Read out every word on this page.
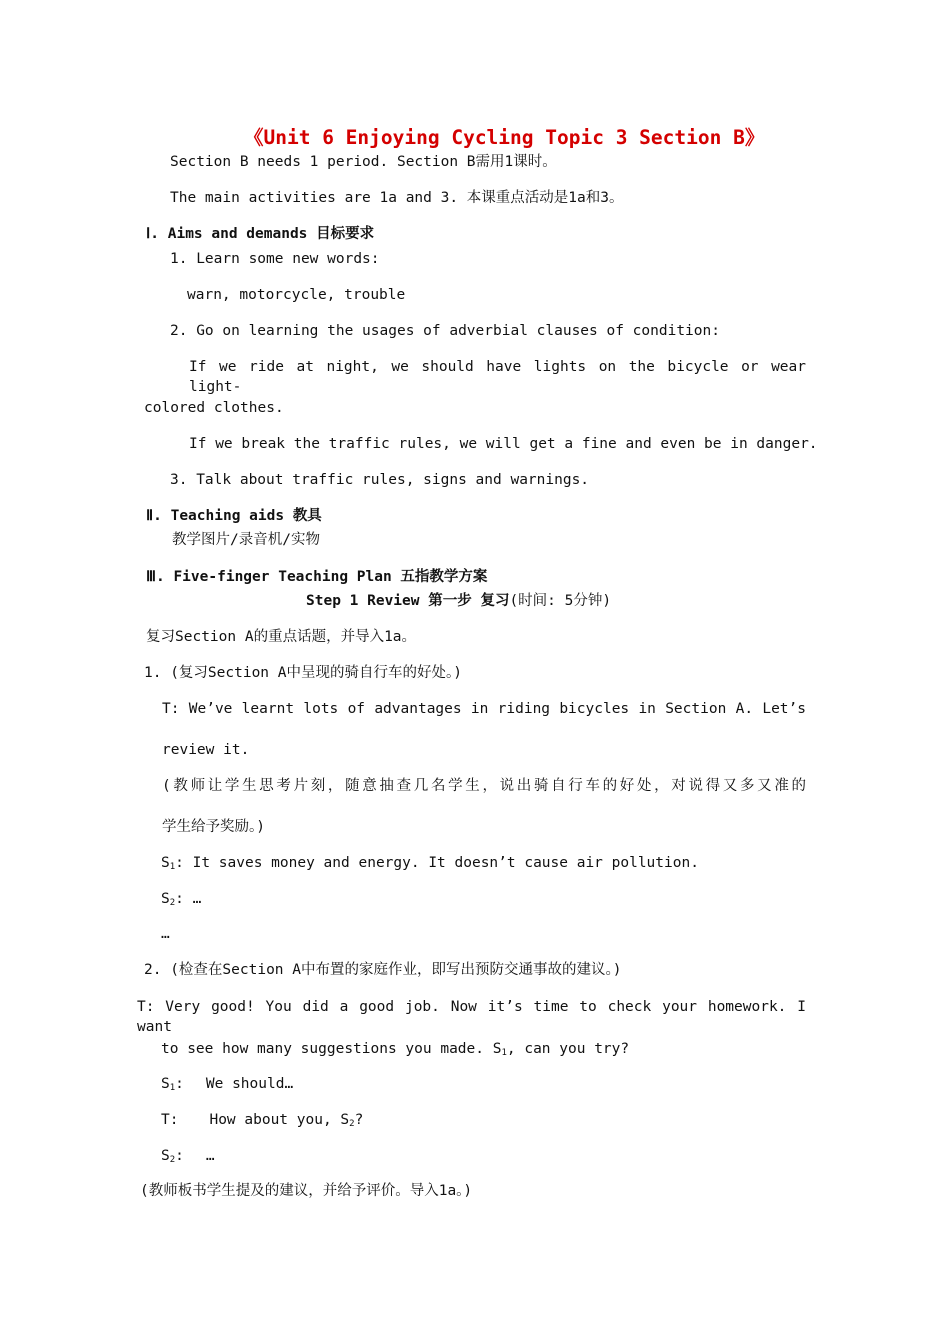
《Unit 6 Enjoying Cycling Topic 3 Section B》
Section B needs 1 period. Section B需用1课时。
The main activities are 1a and 3. 本课重点活动是1a和3。
Ⅰ. Aims and demands 目标要求
1. Learn some new words:
warn, motorcycle, trouble
2. Go on learning the usages of adverbial clauses of condition:
If we ride at night, we should have lights on the bicycle or wear light-
colored clothes.
If we break the traffic rules, we will get a fine and even be in danger.
3. Talk about traffic rules, signs and warnings.
Ⅱ. Teaching aids 教具
教学图片/录音机/实物
Ⅲ. Five-finger Teaching Plan 五指教学方案
Step 1 Review 第一步 复习(时间: 5分钟)
复习Section A的重点话题，并导入1a。
1. (复习Section A中呈现的骑自行车的好处。)
T: We’ve learnt lots of advantages in riding bicycles in Section A. Let’s
review it.
(教师让学生思考片刻，随意抽查几名学生，说出骑自行车的好处，对说得又多又准的
学生给予奖励。)
$S_1$: It saves money and energy. It doesn’t cause air pollution.
$S_2$: …
…
2. (检查在Section A中布置的家庭作业，即写出预防交通事故的建议。)
T: Very good! You did a good job. Now it’s time to check your homework. I want
to see how many suggestions you made. $S_1$, can you try?
$S_1$: We should…
T: How about you, $S_2$?
$S_2$: …
(教师板书学生提及的建议，并给予评价。导入1a。)
